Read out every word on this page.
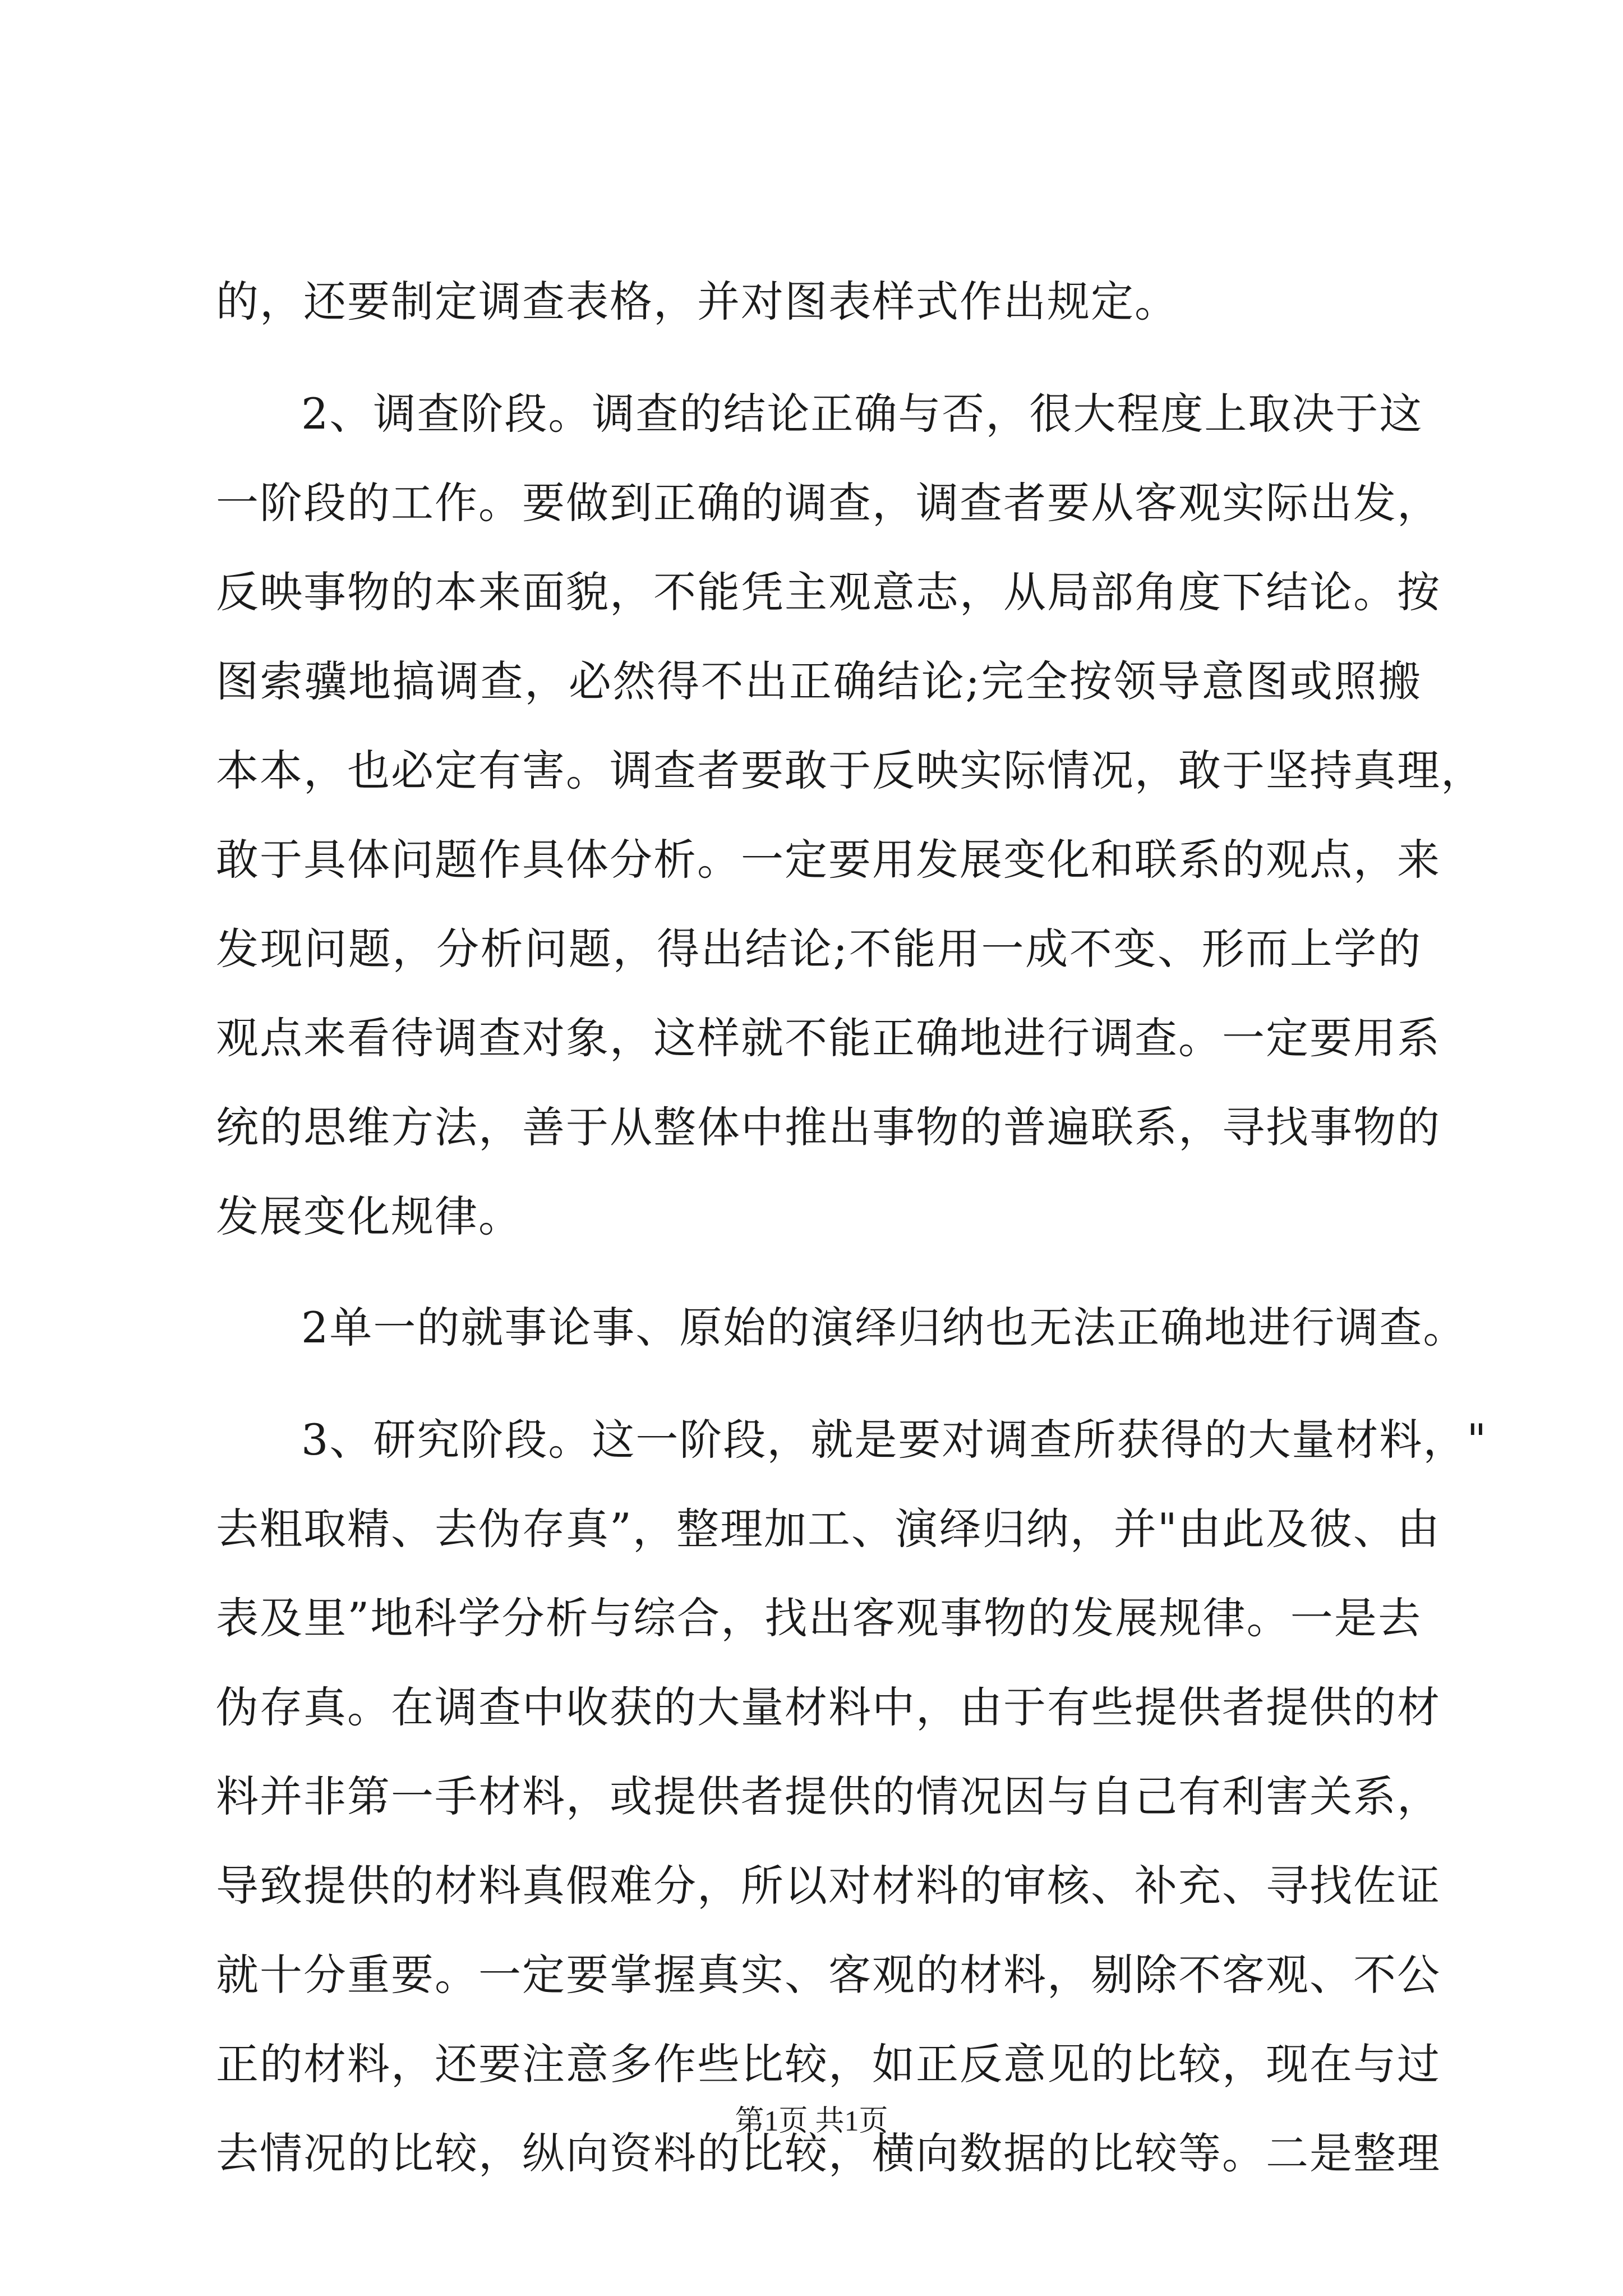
的，还要制定调查表格，并对图表样式作出规定。
2、调查阶段。调查的结论正确与否，很大程度上取决于这
一阶段的工作。要做到正确的调查，调查者要从客观实际出发，
反映事物的本来面貌，不能凭主观意志，从局部角度下结论。按
图索骥地搞调查，必然得不出正确结论;完全按领导意图或照搬
本本，也必定有害。调查者要敢于反映实际情况，敢于坚持真理，
敢于具体问题作具体分析。一定要用发展变化和联系的观点，来
发现问题，分析问题，得出结论;不能用一成不变、形而上学的
观点来看待调查对象，这样就不能正确地进行调查。一定要用系
统的思维方法，善于从整体中推出事物的普遍联系，寻找事物的
发展变化规律。
2单一的就事论事、原始的演绎归纳也无法正确地进行调查。
3、研究阶段。这一阶段，就是要对调查所获得的大量材料，"
去粗取精、去伪存真”，整理加工、演绎归纳，并"由此及彼、由
表及里”地科学分析与综合，找出客观事物的发展规律。一是去
伪存真。在调查中收获的大量材料中，由于有些提供者提供的材
料并非第一手材料，或提供者提供的情况因与自己有利害关系，
导致提供的材料真假难分，所以对材料的审核、补充、寻找佐证
就十分重要。一定要掌握真实、客观的材料，剔除不客观、不公
正的材料，还要注意多作些比较，如正反意见的比较，现在与过
去情况的比较，纵向资料的比较，横向数据的比较等。二是整理
第1页 共1页
